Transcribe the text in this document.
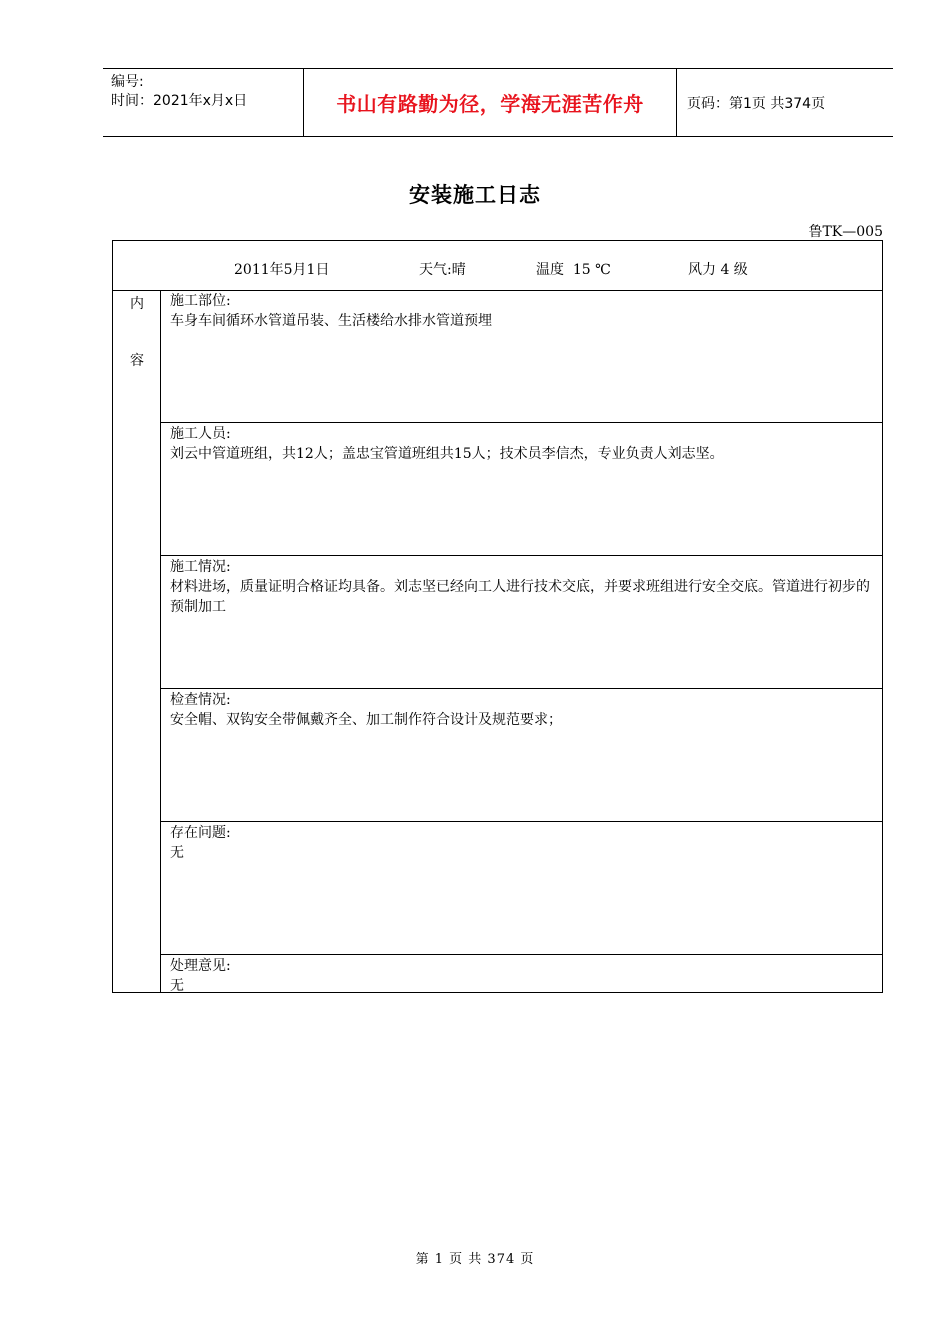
编号:
时间：2021年x月x日	书山有路勤为径，学海无涯苦作舟	页码：第1页 共374页
安装施工日志
鲁TK—005
2011年5月1日	天气:晴	温度  15 ℃	风力 4 级
内
容
施工部位:
车身车间循环水管道吊装、生活楼给水排水管道预埋
施工人员:
刘云中管道班组，共12人；盖忠宝管道班组共15人；技术员李信杰，专业负责人刘志坚。
施工情况:
材料进场，质量证明合格证均具备。刘志坚已经向工人进行技术交底，并要求班组进行安全交底。管道进行初步的预制加工
检查情况:
安全帽、双钩安全带佩戴齐全、加工制作符合设计及规范要求；
存在问题:
无
处理意见:
无
第 1 页 共 374 页
